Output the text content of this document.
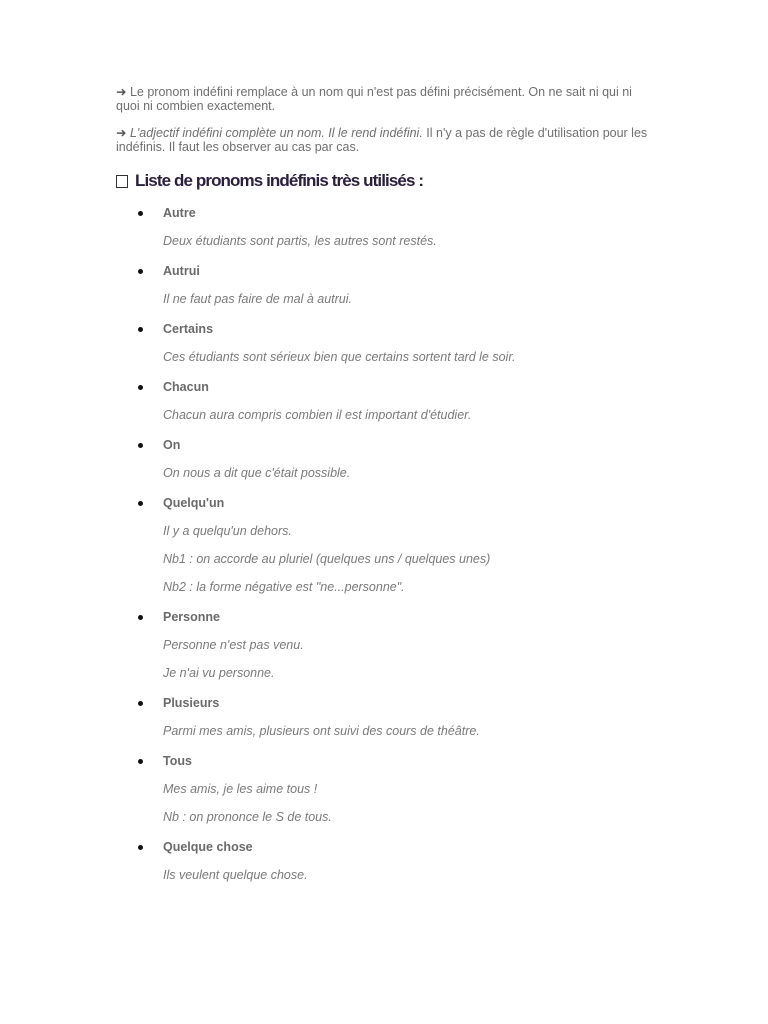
➜ Le pronom indéfini remplace à un nom qui n'est pas défini précisément. On ne sait ni qui ni quoi ni combien exactement.

➜ L'adjectif indéfini complète un nom. Il le rend indéfini. Il n'y a pas de règle d'utilisation pour les indéfinis. Il faut les observer au cas par cas.

Liste de pronoms indéfinis très utilisés :
Autre
Deux étudiants sont partis, les autres sont restés.
Autrui
Il ne faut pas faire de mal à autrui.
Certains
Ces étudiants sont sérieux bien que certains sortent tard le soir.
Chacun
Chacun aura compris combien il est important d'étudier.
On
On nous a dit que c'était possible.
Quelqu'un
Il y a quelqu'un dehors.
Nb1 : on accorde au pluriel (quelques uns / quelques unes)
Nb2 : la forme négative est "ne...personne".
Personne
Personne n'est pas venu.
Je n'ai vu personne.
Plusieurs
Parmi mes amis, plusieurs ont suivi des cours de théâtre.
Tous
Mes amis, je les aime tous !
Nb : on prononce le S de tous.
Quelque chose
Ils veulent quelque chose.
